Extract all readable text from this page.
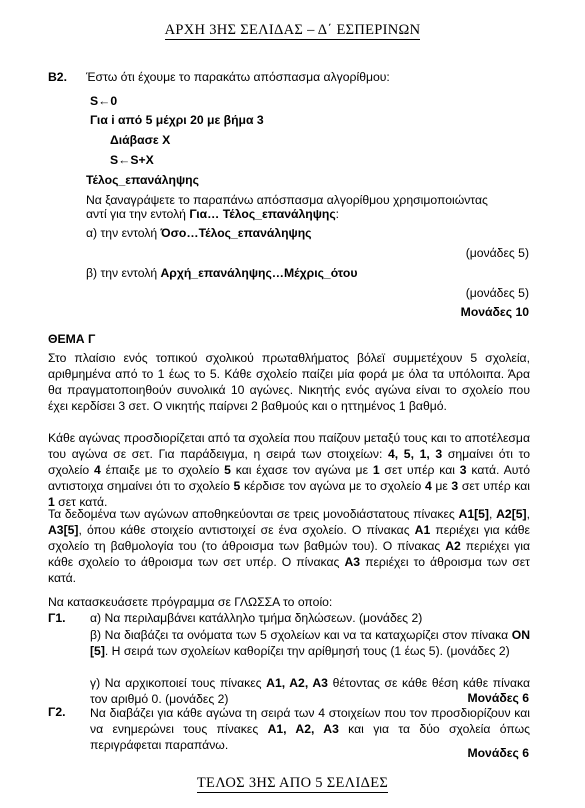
ΑΡΧΗ 3ΗΣ ΣΕΛΙΔΑΣ – Δ΄ ΕΣΠΕΡΙΝΩΝ
Β2. Έστω ότι έχουμε το παρακάτω απόσπασμα αλγορίθμου:
S←0
Για i από 5 μέχρι 20 με βήμα 3
Διάβασε Χ
S←S+X
Τέλος_επανάληψης
Να ξαναγράψετε το παραπάνω απόσπασμα αλγορίθμου χρησιμοποιώντας
αντί για την εντολή Για… Τέλος_επανάληψης:
α) την εντολή Όσο…Τέλος_επανάληψης
(μονάδες 5)
β) την εντολή Αρχή_επανάληψης…Μέχρις_ότου
(μονάδες 5)
Μονάδες 10
ΘΕΜΑ Γ
Στο πλαίσιο ενός τοπικού σχολικού πρωταθλήματος βόλεϊ συμμετέχουν 5 σχολεία, αριθμημένα από το 1 έως το 5. Κάθε σχολείο παίζει μία φορά με όλα τα υπόλοιπα. Άρα θα πραγματοποιηθούν συνολικά 10 αγώνες. Νικητής ενός αγώνα είναι το σχολείο που έχει κερδίσει 3 σετ. Ο νικητής παίρνει 2 βαθμούς και ο ηττημένος 1 βαθμό.
Κάθε αγώνας προσδιορίζεται από τα σχολεία που παίζουν μεταξύ τους και το αποτέλεσμα του αγώνα σε σετ. Για παράδειγμα, η σειρά των στοιχείων: 4, 5, 1, 3 σημαίνει ότι το σχολείο 4 έπαιξε με το σχολείο 5 και έχασε τον αγώνα με 1 σετ υπέρ και 3 κατά. Αυτό αντιστοιχα σημαίνει ότι το σχολείο 5 κέρδισε τον αγώνα με το σχολείο 4 με 3 σετ υπέρ και 1 σετ κατά.
Τα δεδομένα των αγώνων αποθηκεύονται σε τρεις μονοδιάστατους πίνακες Α1[5], Α2[5], Α3[5], όπου κάθε στοιχείο αντιστοιχεί σε ένα σχολείο. Ο πίνακας Α1 περιέχει για κάθε σχολείο τη βαθμολογία του (το άθροισμα των βαθμών του). Ο πίνακας Α2 περιέχει για κάθε σχολείο το άθροισμα των σετ υπέρ. Ο πίνακας Α3 περιέχει το άθροισμα των σετ κατά.
Να κατασκευάσετε πρόγραμμα σε ΓΛΩΣΣΑ το οποίο:
Γ1. α) Να περιλαμβάνει κατάλληλο τμήμα δηλώσεων. (μονάδες 2)
β) Να διαβάζει τα ονόματα των 5 σχολείων και να τα καταχωρίζει στον πίνακα ΟΝ [5]. Η σειρά των σχολείων καθορίζει την αρίθμησή τους (1 έως 5). (μονάδες 2)
γ) Να αρχικοποιεί τους πίνακες Α1, Α2, Α3 θέτοντας σε κάθε θέση κάθε πίνακα τον αριθμό 0. (μονάδες 2)	Μονάδες 6
Γ2. Να διαβάζει για κάθε αγώνα τη σειρά των 4 στοιχείων που τον προσδιορίζουν και να ενημερώνει τους πίνακες Α1, Α2, Α3 και για τα δύο σχολεία όπως περιγράφεται παραπάνω.
Μονάδες 6
ΤΕΛΟΣ 3ΗΣ ΑΠΟ 5 ΣΕΛΙΔΕΣ
